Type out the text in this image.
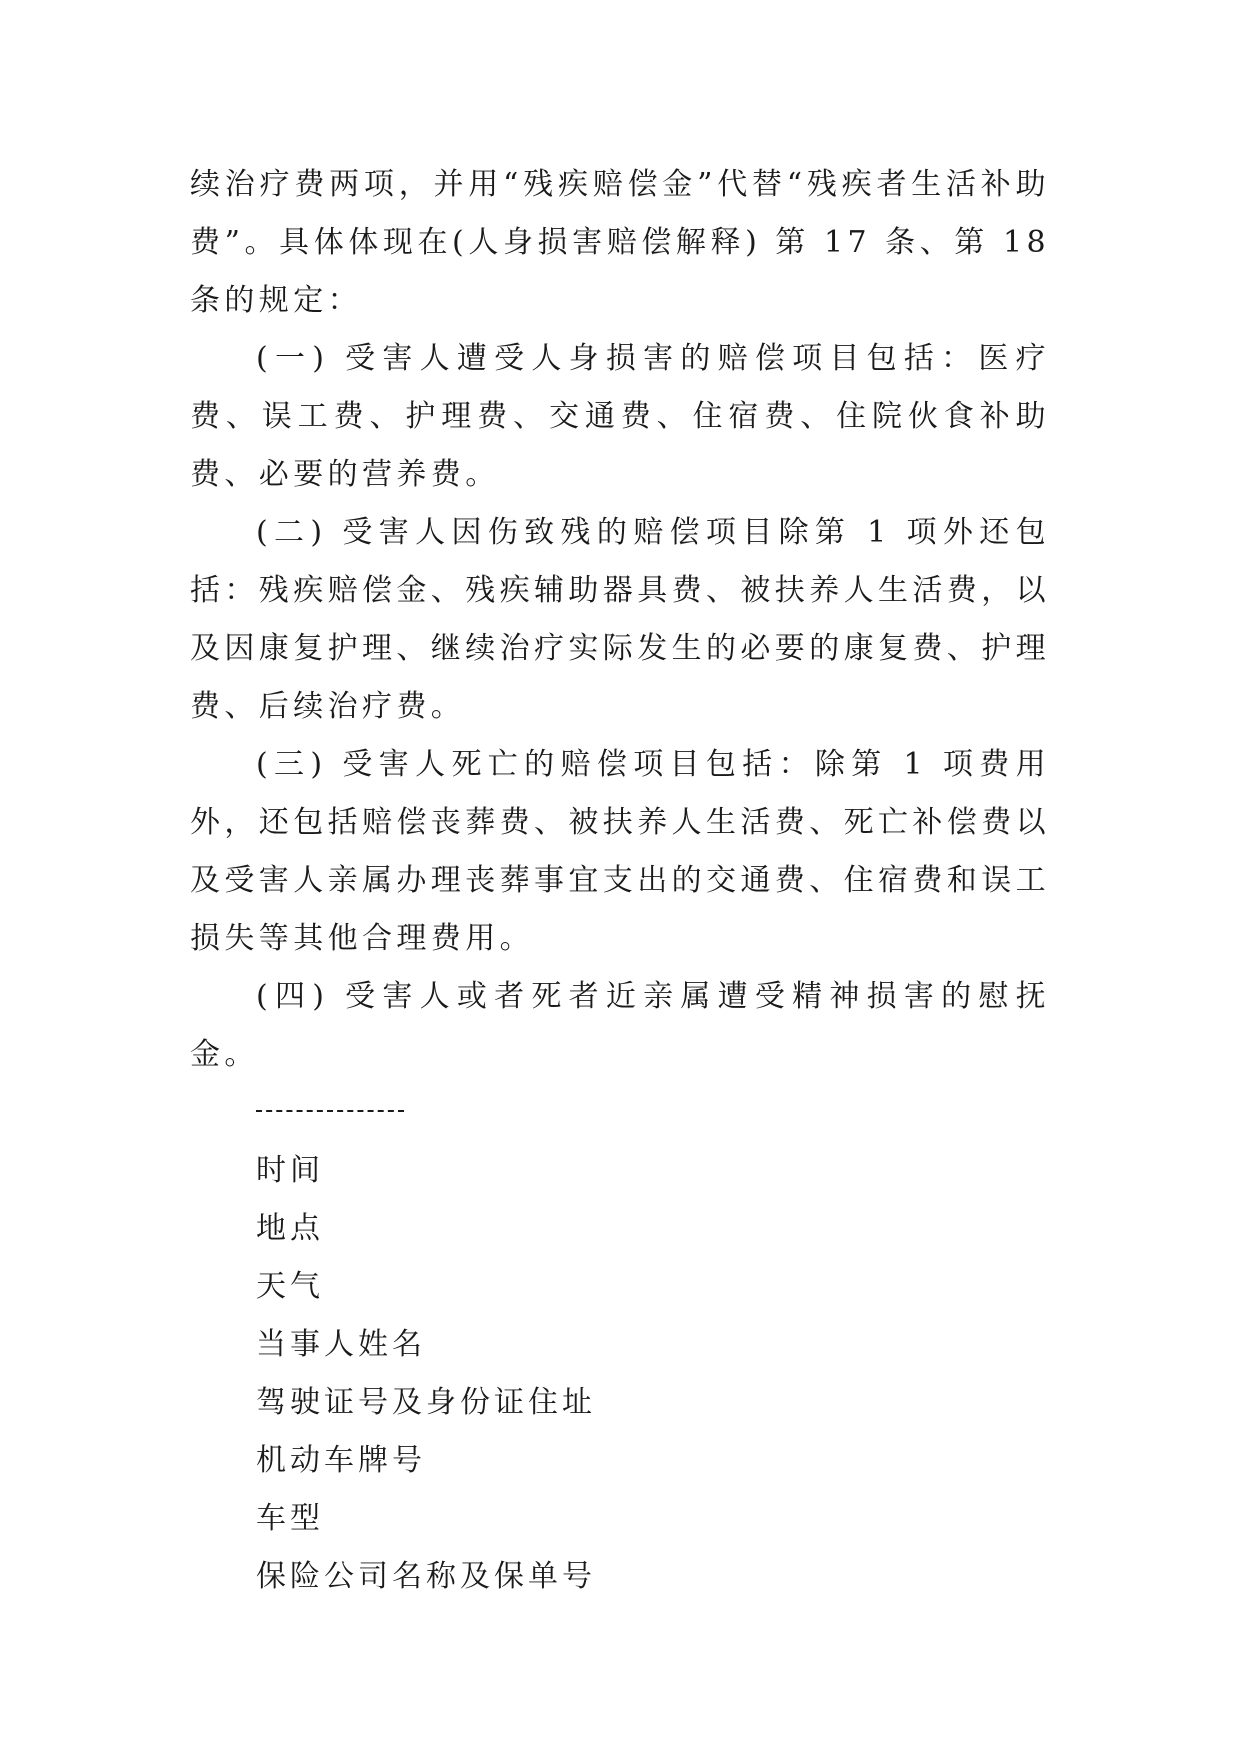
续治疗费两项，并用“残疾赔偿金”代替“残疾者生活补助费”。具体体现在(人身损害赔偿解释) 第 17 条、第 18 条的规定：

(一) 受害人遭受人身损害的赔偿项目包括：医疗费、误工费、护理费、交通费、住宿费、住院伙食补助费、必要的营养费。

(二) 受害人因伤致残的赔偿项目除第 1 项外还包括：残疾赔偿金、残疾辅助器具费、被扶养人生活费，以及因康复护理、继续治疗实际发生的必要的康复费、护理费、后续治疗费。

(三) 受害人死亡的赔偿项目包括：除第 1 项费用外，还包括赔偿丧葬费、被扶养人生活费、死亡补偿费以及受害人亲属办理丧葬事宜支出的交通费、住宿费和误工损失等其他合理费用。

(四) 受害人或者死者近亲属遭受精神损害的慰抚金。

时间

地点

天气

当事人姓名

驾驶证号及身份证住址

机动车牌号

车型

保险公司名称及保单号
